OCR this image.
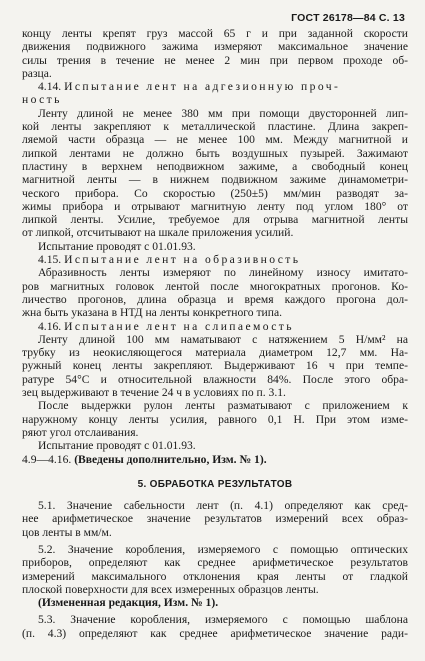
ГОСТ 26178—84 С. 13
концу ленты крепят груз массой 65 г и при заданной скорости
движения подвижного зажима измеряют максимальное значение
силы трения в течение не менее 2 мин при первом проходе об-
разца.
4.14. Испытание лент на адгезионную проч-
ность
Ленту длиной не менее 380 мм при помощи двусторонней лип-
кой ленты закрепляют к металлической пластине. Длина закреп-
ляемой части образца — не менее 100 мм. Между магнитной и
липкой лентами не должно быть воздушных пузырей. Зажимают
пластину в верхнем неподвижном зажиме, а свободный конец
магнитной ленты — в нижнем подвижном зажиме динамометри-
ческого прибора. Со скоростью (250±5) мм/мин разводят за-
жимы прибора и отрывают магнитную ленту под углом 180° от
липкой ленты. Усилие, требуемое для отрыва магнитной ленты
от липкой, отсчитывают на шкале приложения усилий.
Испытание проводят с 01.01.93.
4.15. Испытание лент на образивность
Абразивность ленты измеряют по линейному износу имитато-
ров магнитных головок лентой после многократных прогонов. Ко-
личество прогонов, длина образца и время каждого прогона дол-
жна быть указана в НТД на ленты конкретного типа.
4.16. Испытание лент на слипаемость
Ленту длиной 100 мм наматывают с натяжением 5 Н/мм² на
трубку из неокисляющегося материала диаметром 12,7 мм. На-
ружный конец ленты закрепляют. Выдерживают 16 ч при темпе-
ратуре 54°С и относительной влажности 84%. После этого обра-
зец выдерживают в течение 24 ч в условиях по п. 3.1.
После выдержки рулон ленты разматывают с приложением к
наружному концу ленты усилия, равного 0,1 Н. При этом изме-
ряют угол отслаивания.
Испытание проводят с 01.01.93.
4.9—4.16. (Введены дополнительно, Изм. № 1).
5. ОБРАБОТКА РЕЗУЛЬТАТОВ
5.1. Значение сабельности лент (п. 4.1) определяют как сред-
нее арифметическое значение результатов измерений всех образ-
цов ленты в мм/м.
5.2. Значение коробления, измеряемого с помощью оптических
приборов, определяют как среднее арифметическое результатов
измерений максимального отклонения края ленты от гладкой
плоской поверхности для всех измеренных образцов ленты.
(Измененная редакция, Изм. № 1).
5.3. Значение коробления, измеряемого с помощью шаблона
(п. 4.3) определяют как среднее арифметическое значение ради-
